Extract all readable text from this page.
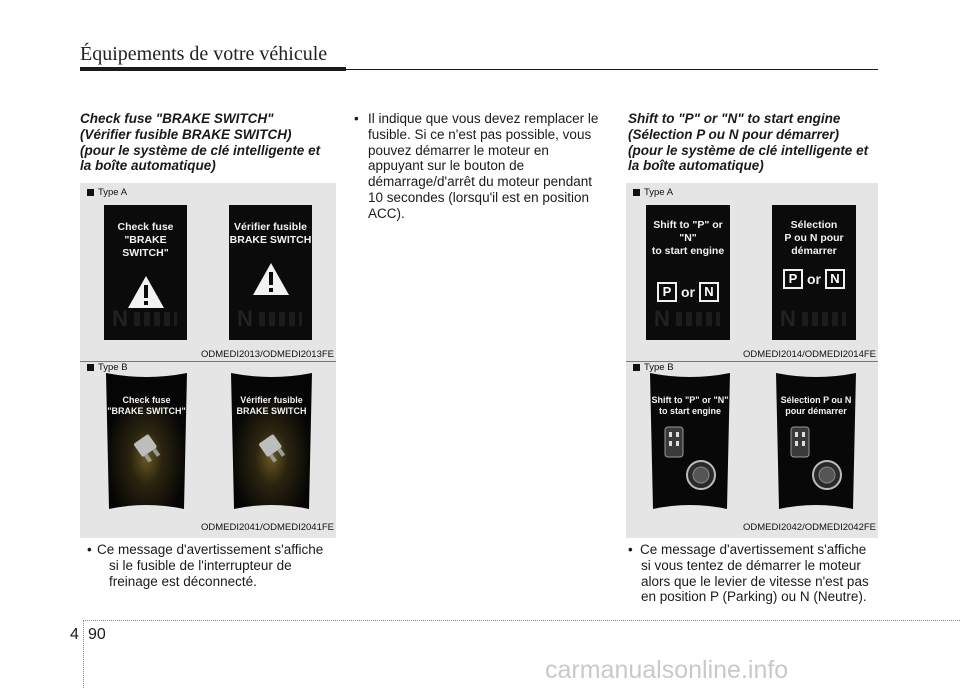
Équipements de votre véhicule
Check fuse "BRAKE SWITCH"
(Vérifier fusible BRAKE SWITCH)
(pour le système de clé intelligente et
la boîte automatique)
Type A
Check fuse
"BRAKE SWITCH"
N
Vérifier fusible
BRAKE SWITCH
N
ODMEDI2013/ODMEDI2013FE
Type B
Check fuse
"BRAKE SWITCH"
Vérifier fusible
BRAKE SWITCH
ODMEDI2041/ODMEDI2041FE
• Ce message d'avertissement s'affiche
si le fusible de l'interrupteur de
freinage est déconnecté.
• Il indique que vous devez remplacer le
fusible. Si ce n'est pas possible, vous
pouvez démarrer le moteur en
appuyant sur le bouton de
démarrage/d'arrêt du moteur pendant
10 secondes (lorsqu'il est en position
ACC).
Shift to "P" or "N" to start engine
(Sélection P ou N pour démarrer)
(pour le système de clé intelligente et
la boîte automatique)
Type A
Shift to "P" or "N"
to start engine
P or N
N
Sélection
P ou N pour
démarrer
P or N
N
ODMEDI2014/ODMEDI2014FE
Type B
Shift to "P" or "N"
to start engine
Sélection P ou N
pour démarrer
ODMEDI2042/ODMEDI2042FE
• Ce message d'avertissement s'affiche
si vous tentez de démarrer le moteur
alors que le levier de vitesse n'est pas
en position P (Parking) ou N (Neutre).
4 90
carmanualsonline.info
